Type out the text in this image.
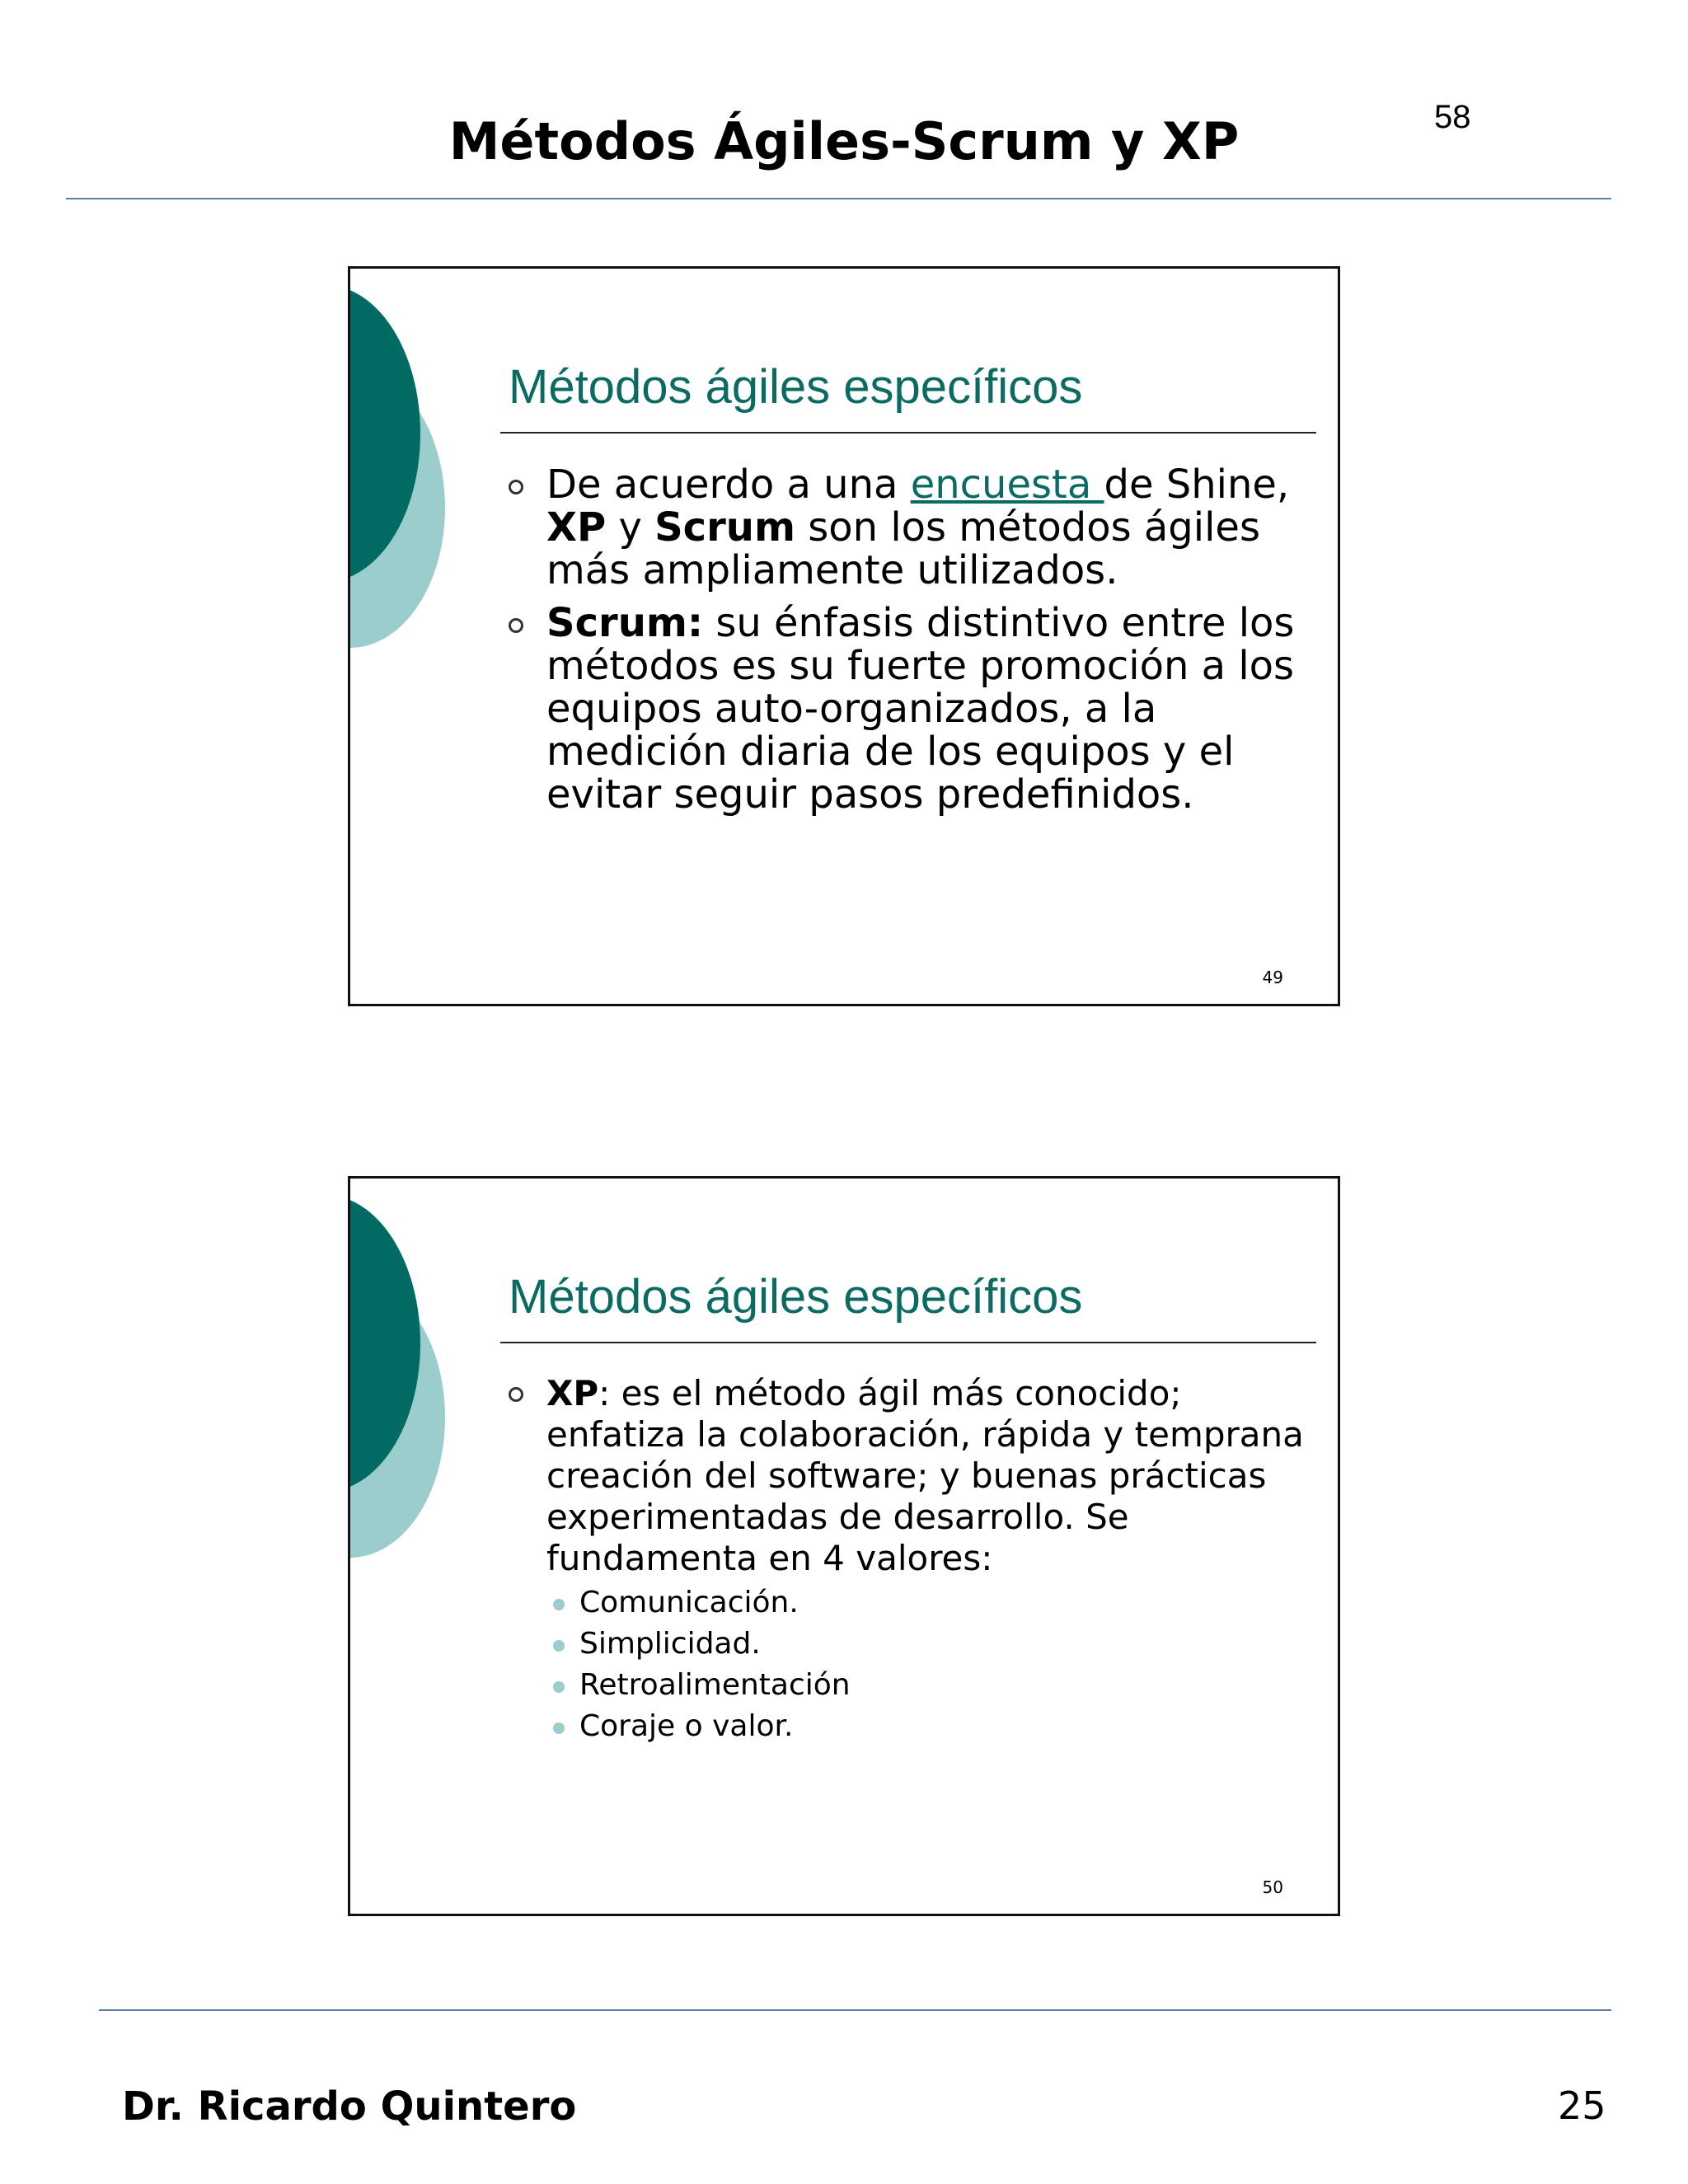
Métodos Ágiles-Scrum y XP	58
Métodos ágiles específicos
De acuerdo a una encuesta de Shine, XP y Scrum son los métodos ágiles más ampliamente utilizados.
Scrum: su énfasis distintivo entre los métodos es su fuerte promoción a los equipos auto-organizados, a la medición diaria de los equipos y el evitar seguir pasos predefinidos.
49
Métodos ágiles específicos
XP: es el método ágil más conocido; enfatiza la colaboración, rápida y temprana creación del software; y buenas prácticas experimentadas de desarrollo. Se fundamenta en 4 valores:
Comunicación.
Simplicidad.
Retroalimentación
Coraje o valor.
50
Dr. Ricardo Quintero	25
